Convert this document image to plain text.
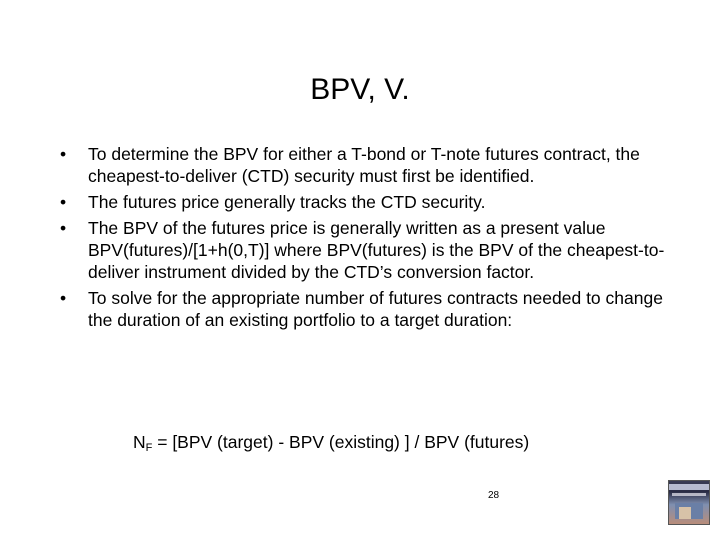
BPV, V.
•	To determine the BPV for either a T-bond or T-note futures contract, the cheapest-to-deliver (CTD) security must first be identified.
•	The futures price generally tracks the CTD security.
•	The BPV of the futures price is generally written as a present value BPV(futures)/[1+h(0,T)] where BPV(futures) is the BPV of the cheapest-to-deliver instrument divided by the CTD’s conversion factor.
•	To solve for the appropriate number of futures contracts needed to change the duration of an existing portfolio to a target duration:
$N_F = [BPV$ (target) - BPV (existing) ] / BPV (futures)
28
